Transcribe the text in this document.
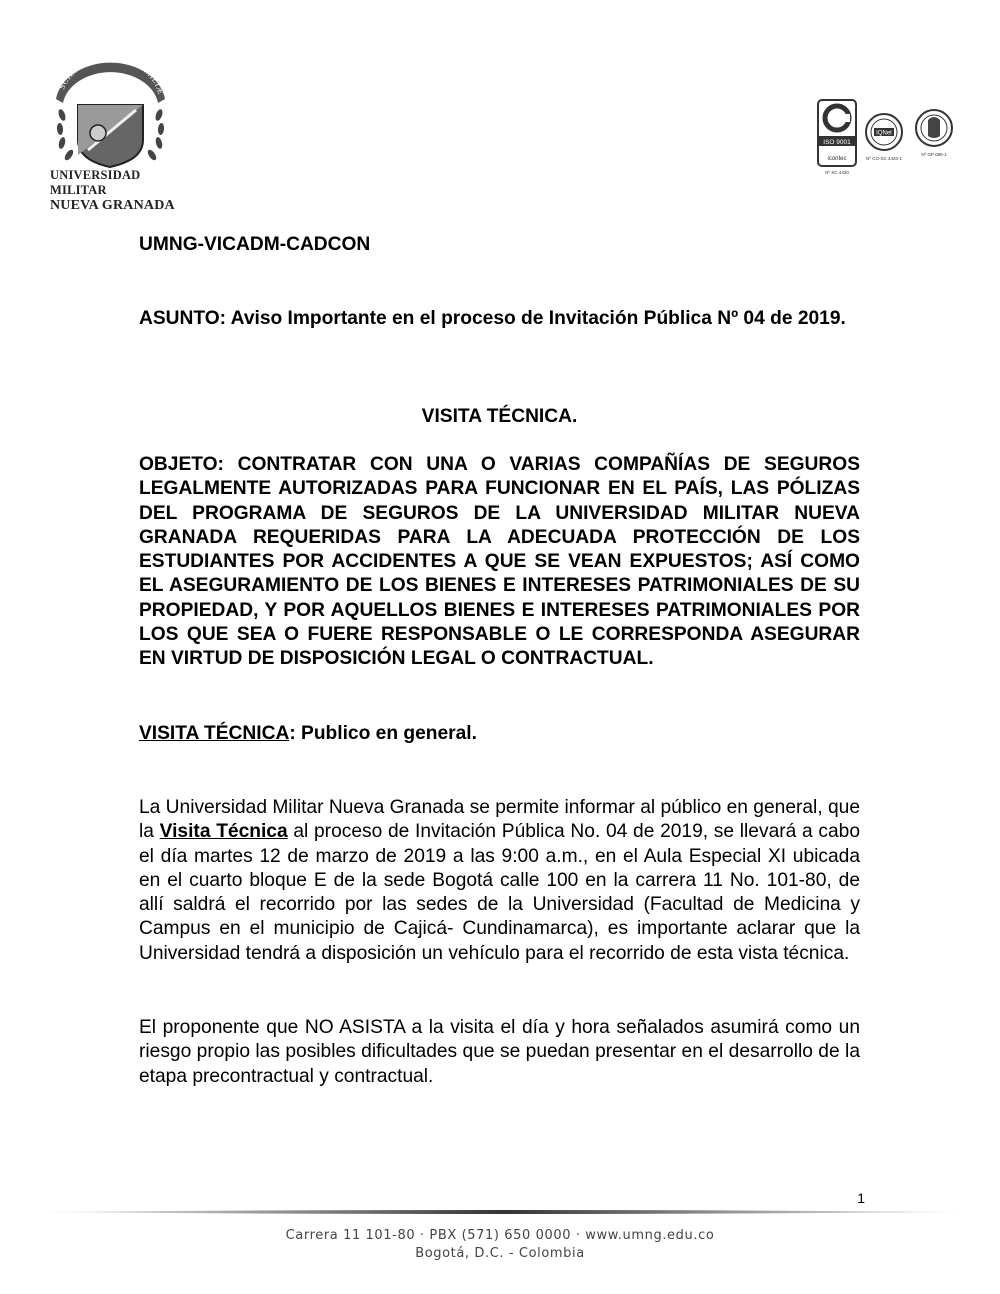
SCIENTIÆ PATRIÆ FAMILIÆ
UNIVERSIDAD MILITAR
NUEVA GRANADA
ISO 9001
icontec
Nº SC 4420
IQNet
Nº CO-SC 4420-1
Nº GP 085-1
UMNG-VICADM-CADCON
ASUNTO: Aviso Importante en el proceso de Invitación Pública Nº 04 de 2019.
VISITA TÉCNICA.
OBJETO: CONTRATAR CON UNA O VARIAS COMPAÑÍAS DE SEGUROS LEGALMENTE AUTORIZADAS PARA FUNCIONAR EN EL PAÍS, LAS PÓLIZAS DEL PROGRAMA DE SEGUROS DE LA UNIVERSIDAD MILITAR NUEVA GRANADA REQUERIDAS PARA LA ADECUADA PROTECCIÓN DE LOS ESTUDIANTES POR ACCIDENTES A QUE SE VEAN EXPUESTOS; ASÍ COMO EL ASEGURAMIENTO DE LOS BIENES E INTERESES PATRIMONIALES DE SU PROPIEDAD, Y POR AQUELLOS BIENES E INTERESES PATRIMONIALES POR LOS QUE SEA O FUERE RESPONSABLE O LE CORRESPONDA ASEGURAR EN VIRTUD DE DISPOSICIÓN LEGAL O CONTRACTUAL.
VISITA TÉCNICA: Publico en general.
La Universidad Militar Nueva Granada se permite informar al público en general, que la Visita Técnica al proceso de Invitación Pública No. 04 de 2019, se llevará a cabo el día martes 12 de marzo de 2019 a las 9:00 a.m., en el Aula Especial XI ubicada en el cuarto bloque E de la sede Bogotá calle 100 en la carrera 11 No. 101-80, de allí saldrá el recorrido por las sedes de la Universidad (Facultad de Medicina y Campus en el municipio de Cajicá- Cundinamarca), es importante aclarar que la Universidad tendrá a disposición un vehículo para el recorrido de esta vista técnica.
El proponente que NO ASISTA a la visita el día y hora señalados asumirá como un riesgo propio las posibles dificultades que se puedan presentar en el desarrollo de la etapa precontractual y contractual.
1
Carrera 11 101-80 · PBX (571) 650 0000 · www.umng.edu.co
Bogotá, D.C. - Colombia
